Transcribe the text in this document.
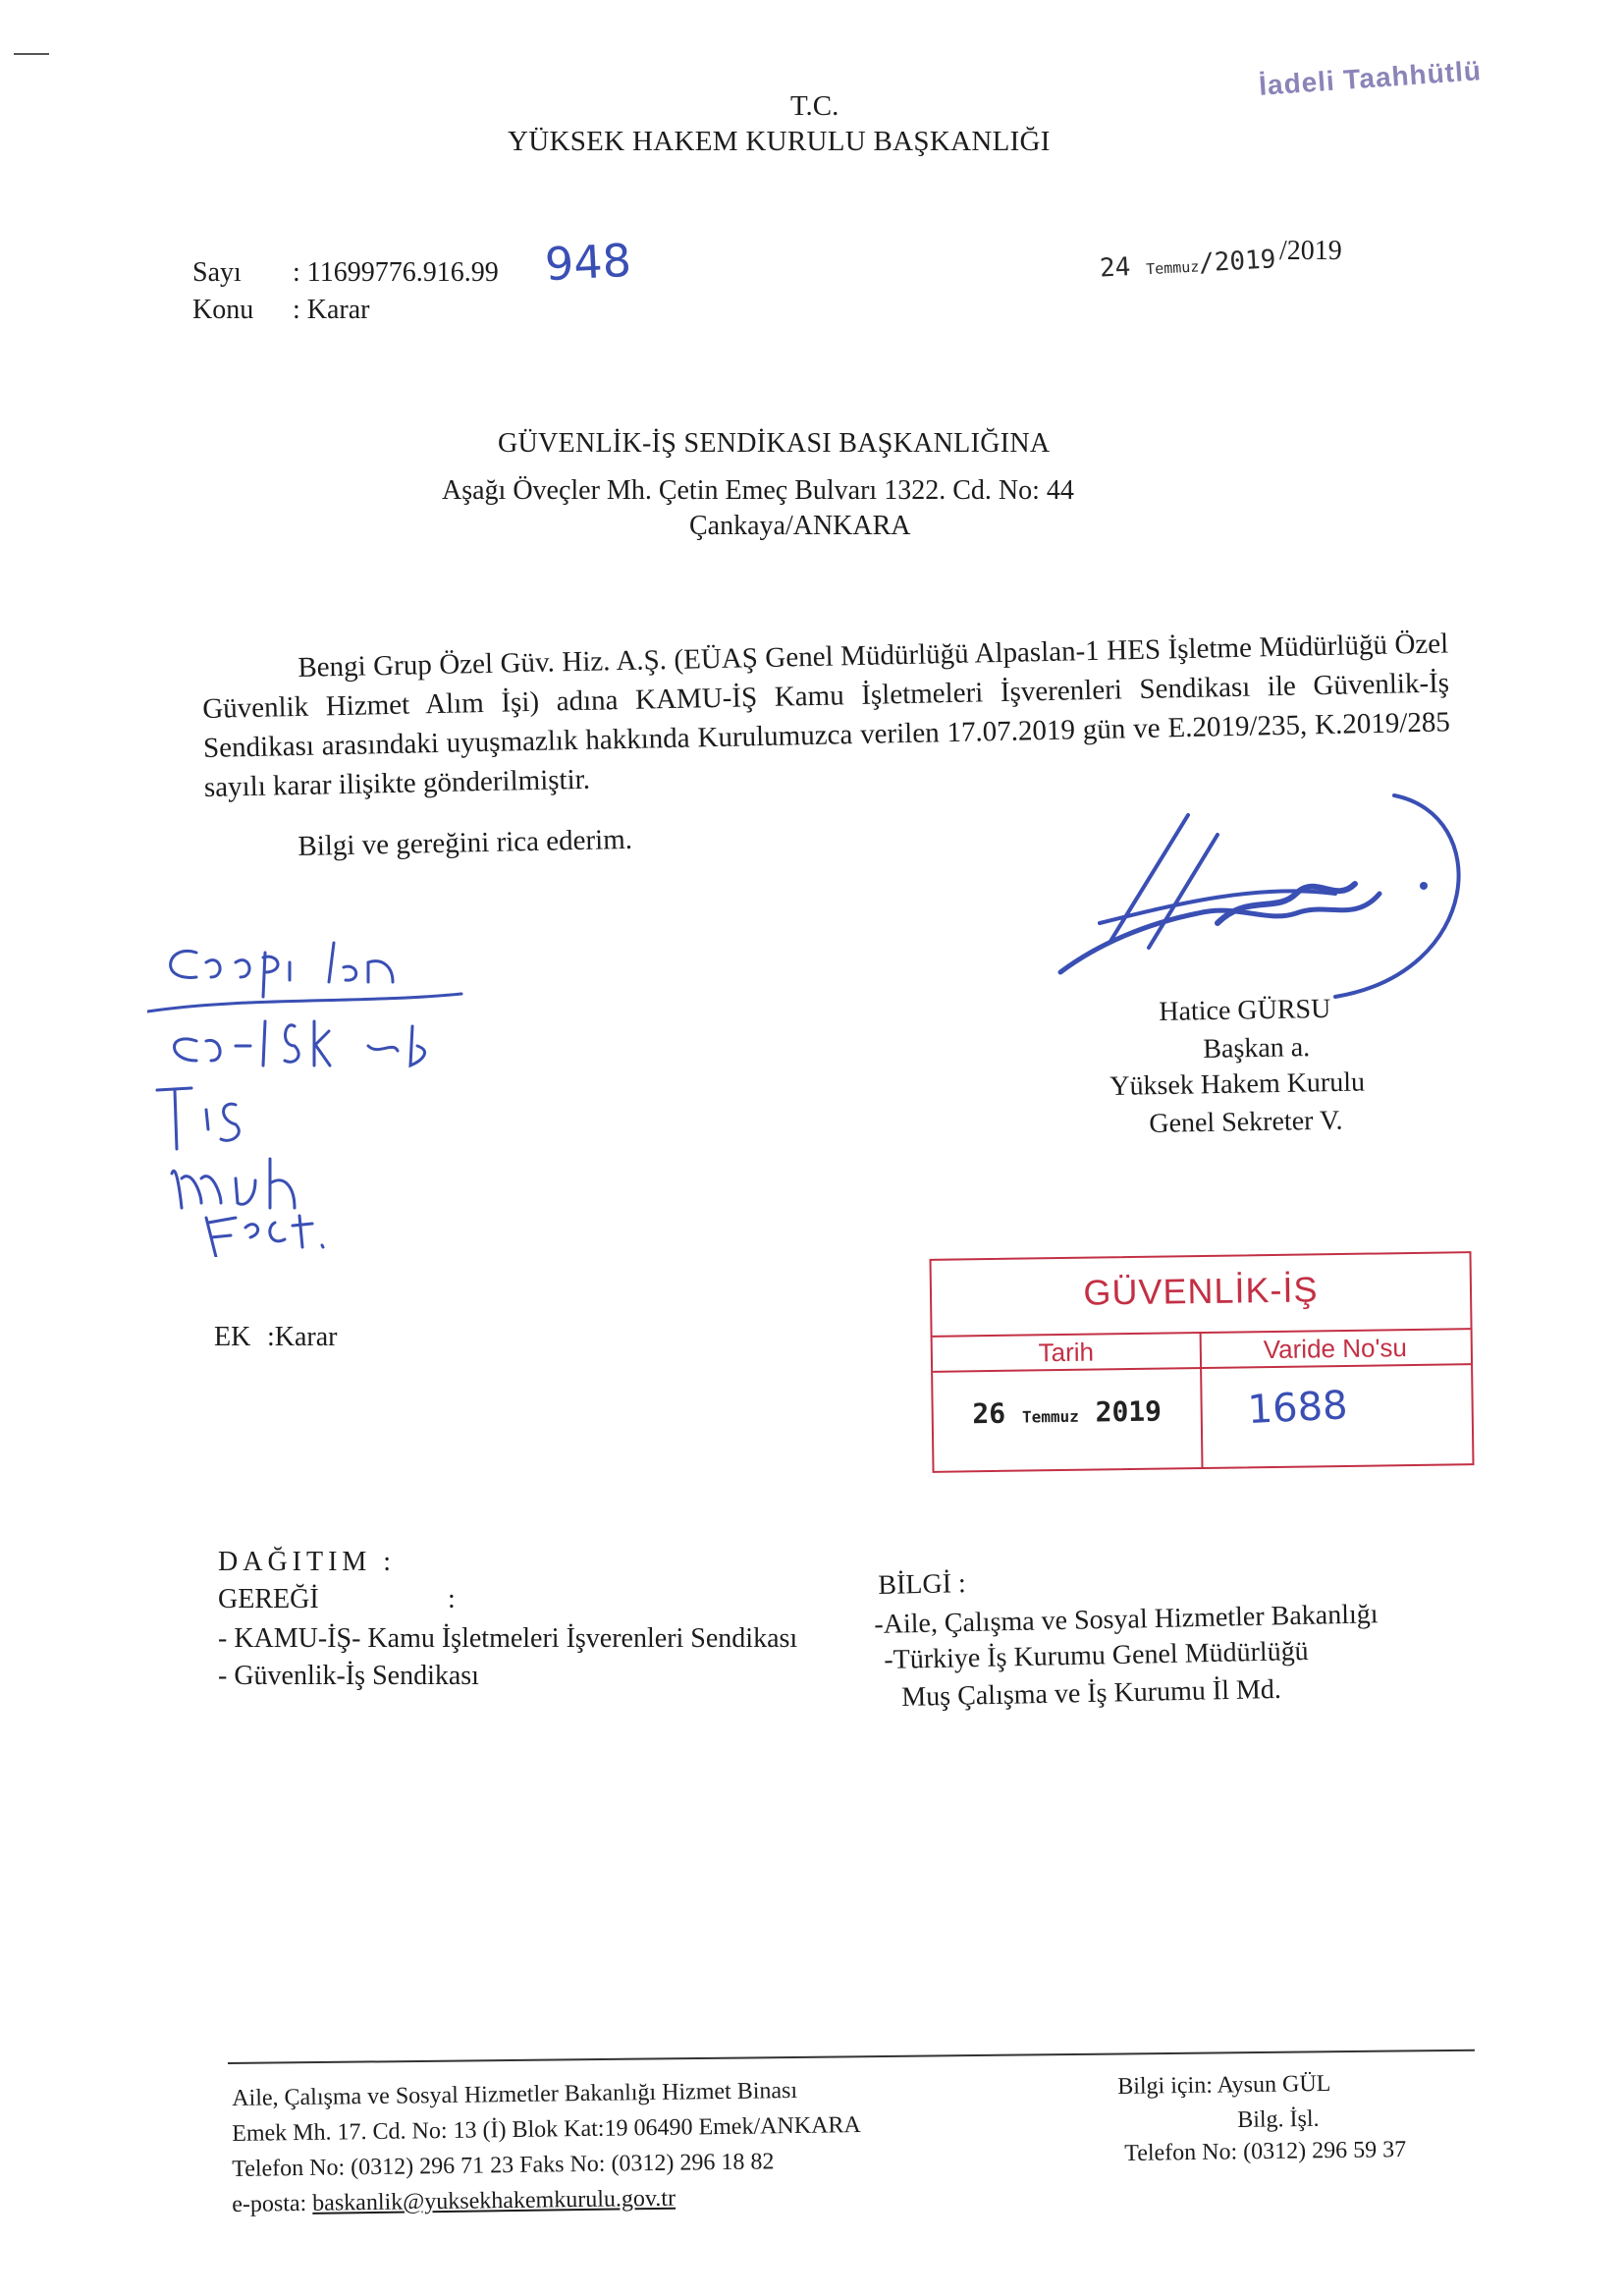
İadeli Taahhütlü
T.C.
YÜKSEK HAKEM KURULU BAŞKANLIĞI
Sayı : 11699776.916.99 948
Konu : Karar
24 Temmuz/2019 /2019
GÜVENLİK-İŞ SENDİKASI BAŞKANLIĞINA
Aşağı Öveçler Mh. Çetin Emeç Bulvarı 1322. Cd. No: 44
Çankaya/ANKARA
Bengi Grup Özel Güv. Hiz. A.Ş. (EÜAŞ Genel Müdürlüğü Alpaslan-1 HES İşletme Müdürlüğü Özel Güvenlik Hizmet Alım İşi) adına KAMU-İŞ Kamu İşletmeleri İşverenleri Sendikası ile Güvenlik-İş Sendikası arasındaki uyuşmazlık hakkında Kurulumuzca verilen 17.07.2019 gün ve E.2019/235, K.2019/285 sayılı karar ilişikte gönderilmiştir.
Bilgi ve gereğini rica ederim.
Hatice GÜRSU
Başkan a.
Yüksek Hakem Kurulu
Genel Sekreter V.
EK :Karar
GÜVENLİK-İŞ
Tarih	Varide No'su
26 Temmuz 2019	1688
DAĞITIM :
GEREĞİ	:
- KAMU-İŞ- Kamu İşletmeleri İşverenleri Sendikası
- Güvenlik-İş Sendikası
BİLGİ :
-Aile, Çalışma ve Sosyal Hizmetler Bakanlığı
-Türkiye İş Kurumu Genel Müdürlüğü
Muş Çalışma ve İş Kurumu İl Md.
Aile, Çalışma ve Sosyal Hizmetler Bakanlığı Hizmet Binası
Emek Mh. 17. Cd. No: 13 (İ) Blok Kat:19 06490 Emek/ANKARA
Telefon No: (0312) 296 71 23 Faks No: (0312) 296 18 82
e-posta: baskanlik@yuksekhakemkurulu.gov.tr
Bilgi için: Aysun GÜL
Bilg. İşl.
Telefon No: (0312) 296 59 37
